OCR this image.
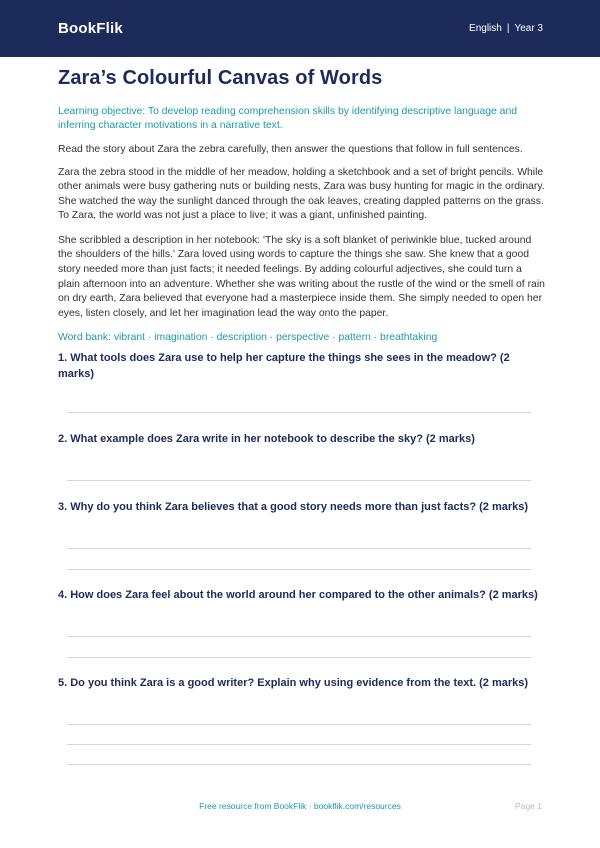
BookFlik	English | Year 3
Zara’s Colourful Canvas of Words

Learning objective: To develop reading comprehension skills by identifying descriptive language and inferring character motivations in a narrative text.

Read the story about Zara the zebra carefully, then answer the questions that follow in full sentences.

Zara the zebra stood in the middle of her meadow, holding a sketchbook and a set of bright pencils. While other animals were busy gathering nuts or building nests, Zara was busy hunting for magic in the ordinary. She watched the way the sunlight danced through the oak leaves, creating dappled patterns on the grass. To Zara, the world was not just a place to live; it was a giant, unfinished painting.

She scribbled a description in her notebook: 'The sky is a soft blanket of periwinkle blue, tucked around the shoulders of the hills.' Zara loved using words to capture the things she saw. She knew that a good story needed more than just facts; it needed feelings. By adding colourful adjectives, she could turn a plain afternoon into an adventure. Whether she was writing about the rustle of the wind or the smell of rain on dry earth, Zara believed that everyone had a masterpiece inside them. She simply needed to open her eyes, listen closely, and let her imagination lead the way onto the paper.

Word bank: vibrant · imagination · description · perspective · pattern · breathtaking

1. What tools does Zara use to help her capture the things she sees in the meadow? (2 marks)
2. What example does Zara write in her notebook to describe the sky? (2 marks)
3. Why do you think Zara believes that a good story needs more than just facts? (2 marks)
4. How does Zara feel about the world around her compared to the other animals? (2 marks)
5. Do you think Zara is a good writer? Explain why using evidence from the text. (2 marks)
Free resource from BookFlik · bookflik.com/resources	Page 1
